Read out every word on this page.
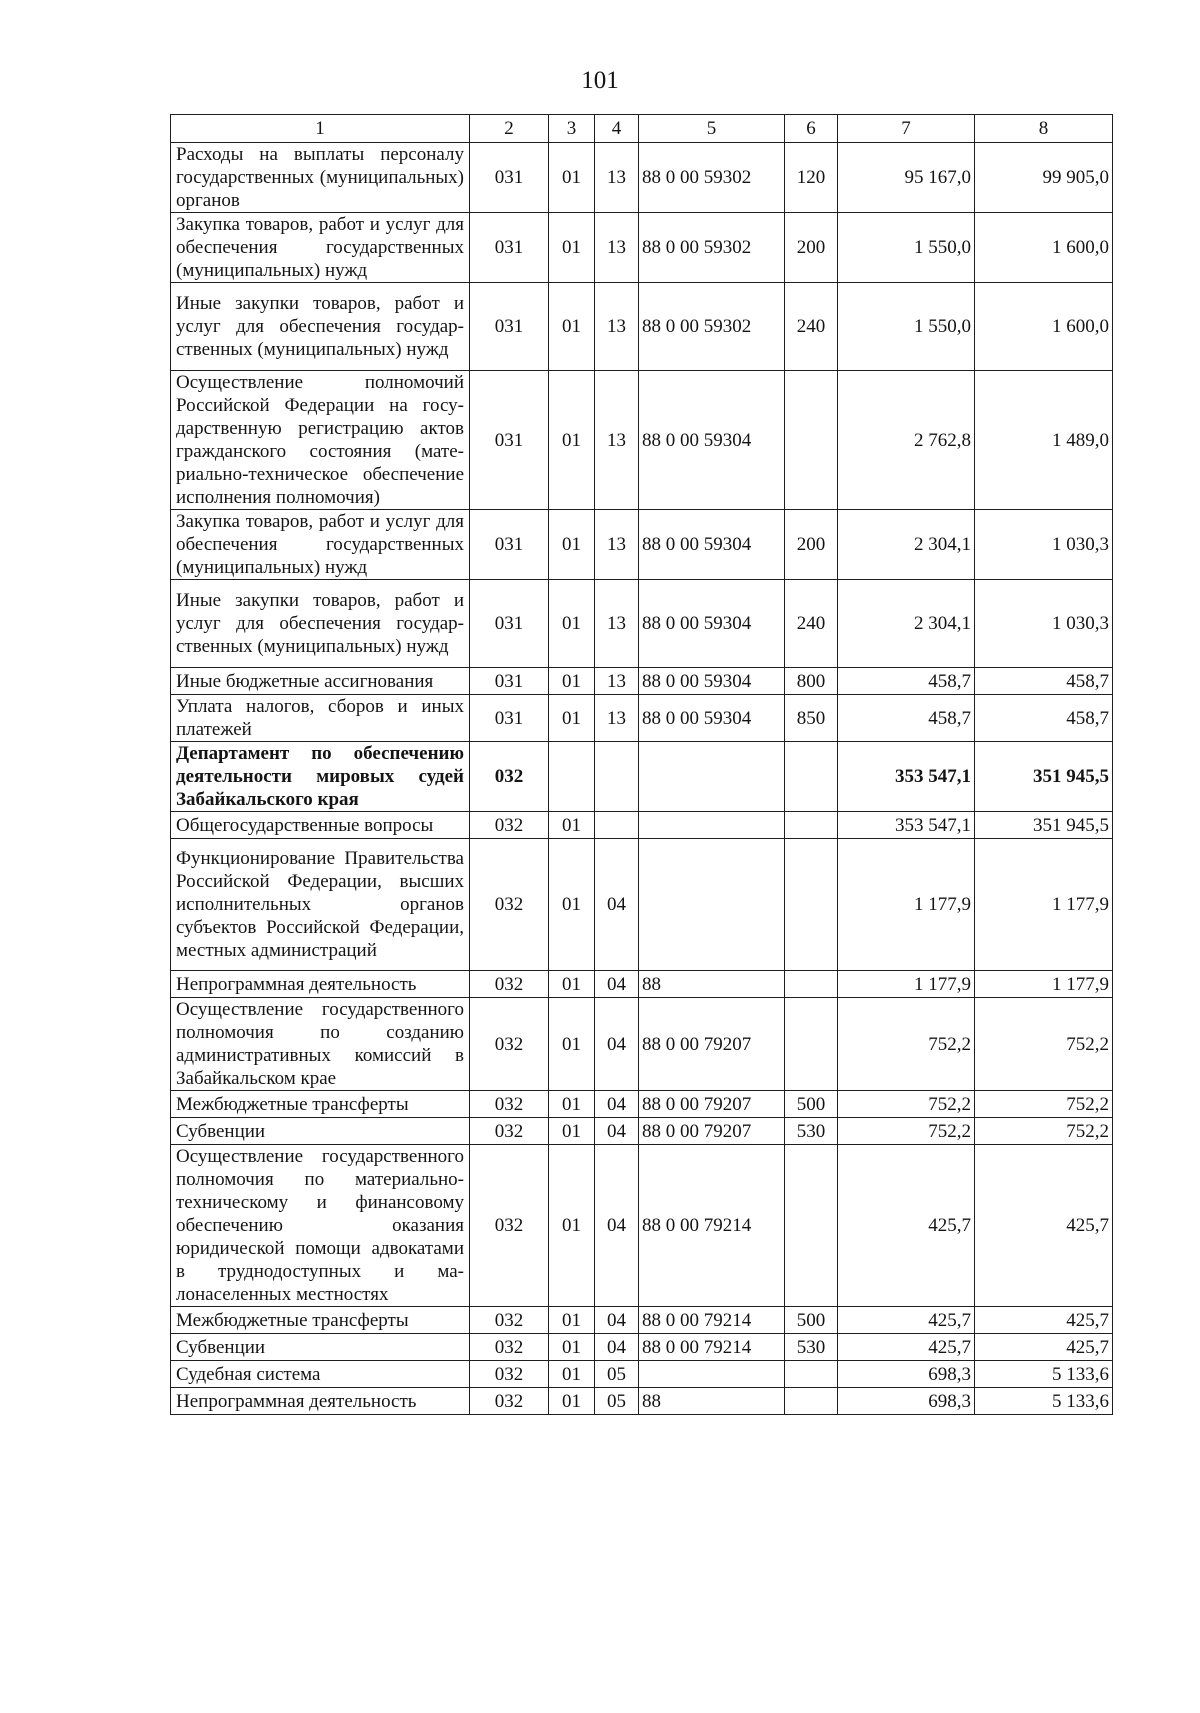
101
1	2	3	4	5	6	7	8
Расходы на выплаты персоналу государственных (муниципальных) органов	031	01	13	88 0 00 59302	120	95 167,0	99 905,0
Закупка товаров, работ и услуг для обеспечения государственных (муниципальных) нужд	031	01	13	88 0 00 59302	200	1 550,0	1 600,0
Иные закупки товаров, работ и услуг для обеспечения государственных (муниципальных) нужд	031	01	13	88 0 00 59302	240	1 550,0	1 600,0
Осуществление полномочий Российской Федерации на государственную регистрацию актов гражданского состояния (материально-техническое обеспечение исполнения полномочия)	031	01	13	88 0 00 59304		2 762,8	1 489,0
Закупка товаров, работ и услуг для обеспечения государственных (муниципальных) нужд	031	01	13	88 0 00 59304	200	2 304,1	1 030,3
Иные закупки товаров, работ и услуг для обеспечения государственных (муниципальных) нужд	031	01	13	88 0 00 59304	240	2 304,1	1 030,3
Иные бюджетные ассигнования	031	01	13	88 0 00 59304	800	458,7	458,7
Уплата налогов, сборов и иных платежей	031	01	13	88 0 00 59304	850	458,7	458,7
Департамент по обеспечению деятельности мировых судей Забайкальского края	032					353 547,1	351 945,5
Общегосударственные вопросы	032	01				353 547,1	351 945,5
Функционирование Правительства Российской Федерации, высших исполнительных органов субъектов Российской Федерации, местных администраций	032	01	04			1 177,9	1 177,9
Непрограммная деятельность	032	01	04	88		1 177,9	1 177,9
Осуществление государственного полномочия по созданию административных комиссий в Забайкальском крае	032	01	04	88 0 00 79207		752,2	752,2
Межбюджетные трансферты	032	01	04	88 0 00 79207	500	752,2	752,2
Субвенции	032	01	04	88 0 00 79207	530	752,2	752,2
Осуществление государственного полномочия по материально-техническому и финансовому обеспечению оказания юридической помощи адвокатами в труднодоступных и малонаселенных местностях	032	01	04	88 0 00 79214		425,7	425,7
Межбюджетные трансферты	032	01	04	88 0 00 79214	500	425,7	425,7
Субвенции	032	01	04	88 0 00 79214	530	425,7	425,7
Судебная система	032	01	05			698,3	5 133,6
Непрограммная деятельность	032	01	05	88		698,3	5 133,6
